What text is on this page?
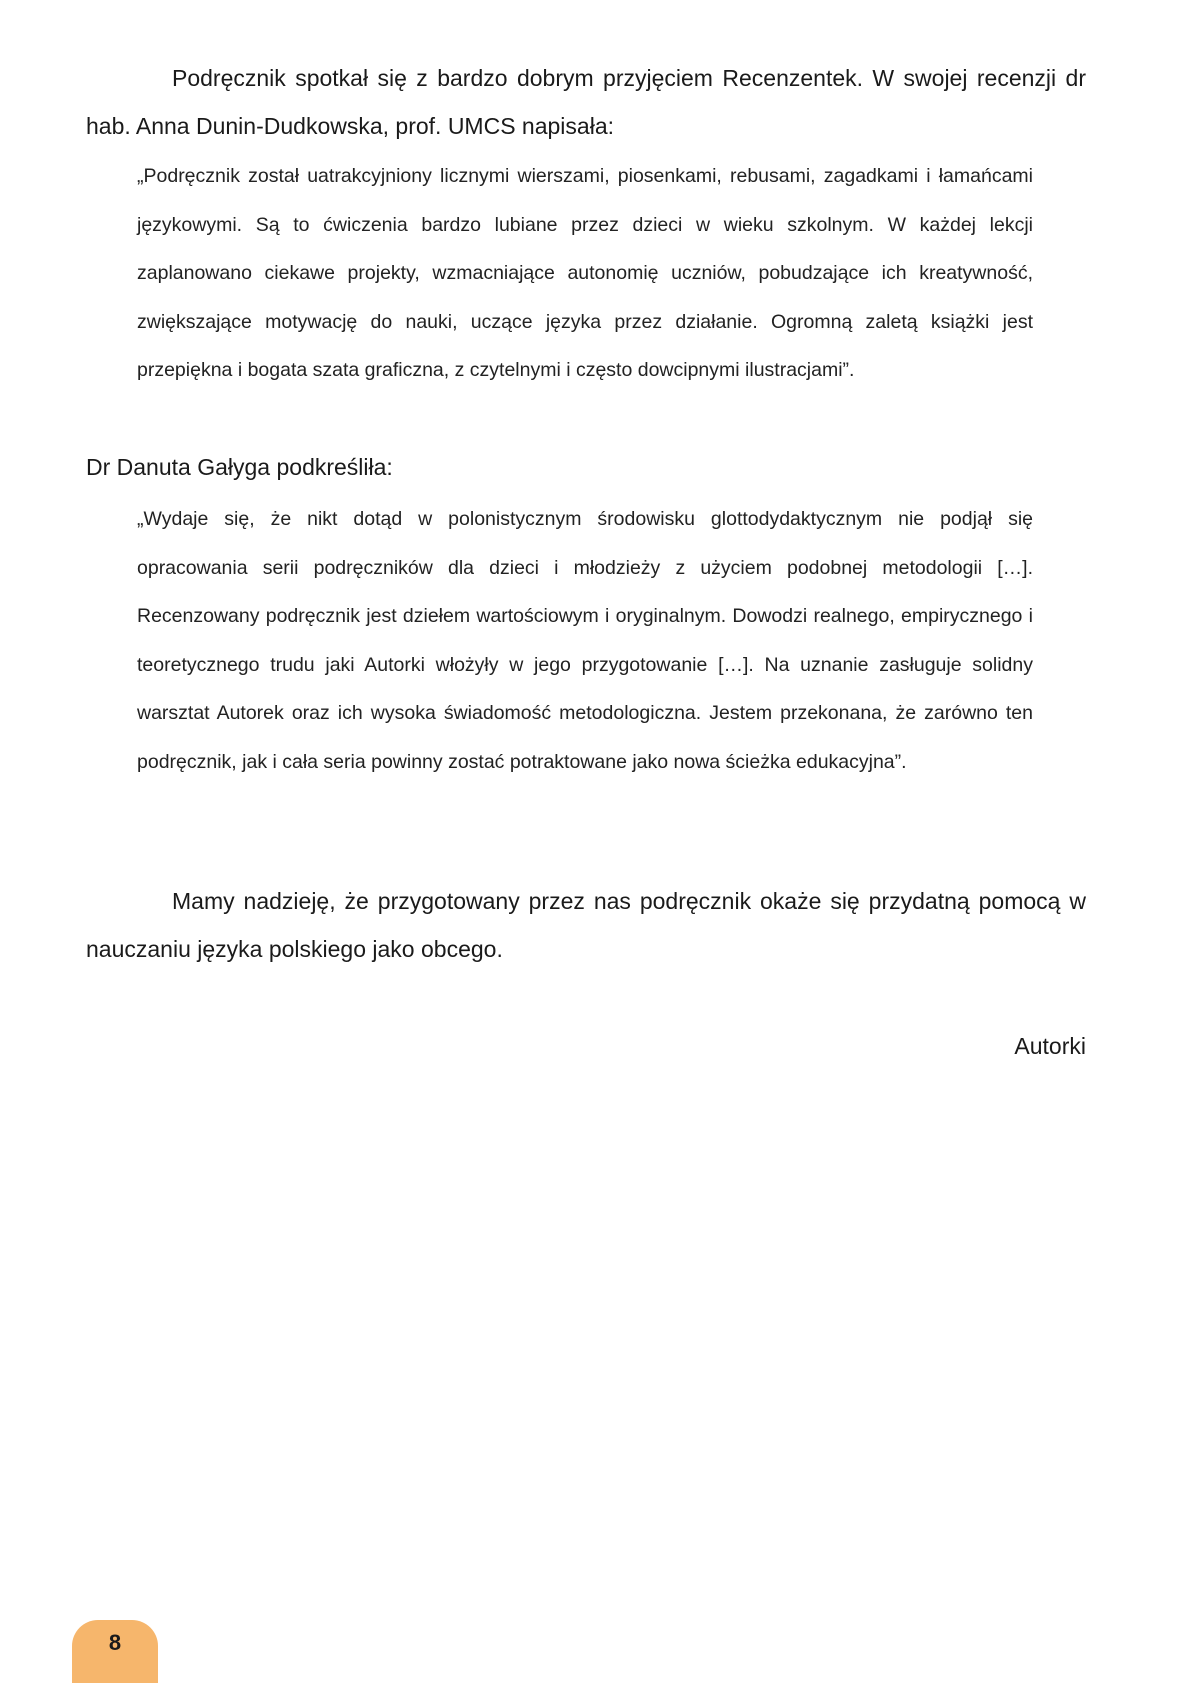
Podręcznik spotkał się z bardzo dobrym przyjęciem Recenzentek. W swojej recenzji dr hab. Anna Dunin-Dudkowska, prof. UMCS napisała:

„Podręcznik został uatrakcyjniony licznymi wierszami, piosenkami, rebusami, zagadkami i łamańcami językowymi. Są to ćwiczenia bardzo lubiane przez dzieci w wieku szkolnym. W każdej lekcji zaplanowano ciekawe projekty, wzmacniające autonomię uczniów, pobudzające ich kreatywność, zwiększające motywację do nauki, uczące języka przez działanie. Ogromną zaletą książki jest przepiękna i bogata szata graficzna, z czytelnymi i często dowcipnymi ilustracjami”.

Dr Danuta Gałyga podkreśliła:

„Wydaje się, że nikt dotąd w polonistycznym środowisku glottodydaktycznym nie podjął się opracowania serii podręczników dla dzieci i młodzieży z użyciem podobnej metodologii […]. Recenzowany podręcznik jest dziełem wartościowym i oryginalnym. Dowodzi realnego, empirycznego i teoretycznego trudu jaki Autorki włożyły w jego przygotowanie […]. Na uznanie zasługuje solidny warsztat Autorek oraz ich wysoka świadomość metodologiczna. Jestem przekonana, że zarówno ten podręcznik, jak i cała seria powinny zostać potraktowane jako nowa ścieżka edukacyjna”.

Mamy nadzieję, że przygotowany przez nas podręcznik okaże się przydatną pomocą w nauczaniu języka polskiego jako obcego.

Autorki

8
